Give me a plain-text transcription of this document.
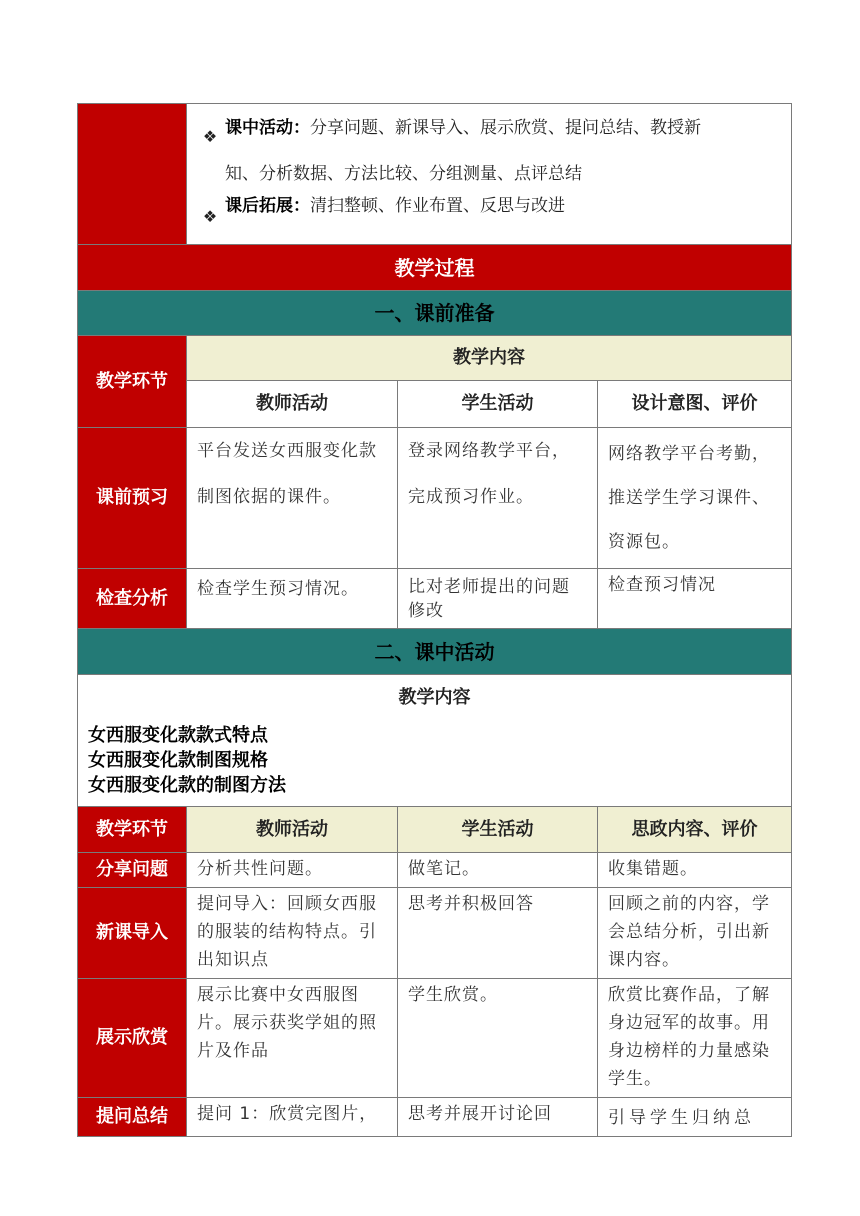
	❖ 课中活动：分享问题、新课导入、展示欣赏、提问总结、教授新
知、分析数据、方法比较、分组测量、点评总结
❖
课后拓展：清扫整顿、作业布置、反思与改进		

教学过程			
一、课前准备			
教学环节	教学内容		
	教师活动	学生活动	设计意图、评价
课前预习	平台发送女西服变化款制图依据的课件。	登录网络教学平台，完成预习作业。	网络教学平台考勤，推送学生学习课件、资源包。
检查分析	检查学生预习情况。	比对老师提出的问题修改	检查预习情况
二、课中活动			

教学内容
女西服变化款款式特点
女西服变化款制图规格
女西服变化款的制图方法			

教学环节	教师活动	学生活动	思政内容、评价
分享问题	分析共性问题。	做笔记。	收集错题。
新课导入	提问导入：回顾女西服的服装的结构特点。引出知识点	思考并积极回答	回顾之前的内容，学会总结分析，引出新课内容。
展示欣赏	展示比赛中女西服图片。展示获奖学姐的照片及作品	学生欣赏。	欣赏比赛作品，了解身边冠军的故事。用身边榜样的力量感染学生。
提问总结	提问 1：欣赏完图片，	思考并展开讨论回	引导学生归纳总
